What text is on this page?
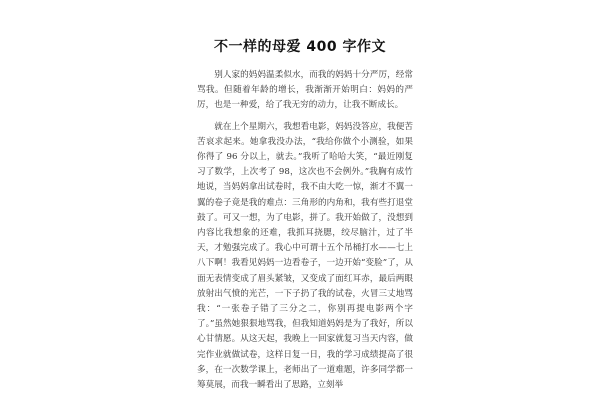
不一样的母爱 400 字作文

别人家的妈妈温柔似水，而我的妈妈十分严厉，经常骂我。但随着年龄的增长，我渐渐开始明白：妈妈的严厉，也是一种爱，给了我无穷的动力，让我不断成长。

就在上个星期六，我想看电影，妈妈没答应，我便苦苦哀求起来。她拿我没办法，“我给你做个小测验，如果你得了 96 分以上，就去。”我听了哈哈大笑，“最近刚复习了数学，上次考了 98，这次也不会例外。”我胸有成竹地说，当妈妈拿出试卷时，我不由大吃一惊，渐才不翼一翼的卷子竟是我的难点：三角形的内角和，我有些打退堂鼓了。可又一想，为了电影，拼了。我开始做了，没想到内容比我想象的还难，我抓耳挠腮，绞尽脑汁，过了半天，才勉强完成了。我心中可谓十五个吊桶打水——七上八下啊！我看见妈妈一边看卷子，一边开始“变脸”了，从面无表情变成了眉头紧皱，又变成了面红耳赤，最后两眼放射出气愤的光芒，一下子扔了我的试卷，火冒三丈地骂我：“一张卷子错了三分之二，你别再提电影两个字了。”虽然她狠狠地骂我，但我知道妈妈是为了我好，所以心甘情愿。从这天起，我晚上一回家就复习当天内容，做完作业就做试卷，这样日复一日，我的学习成绩提高了很多，在一次数学课上，老师出了一道难题，许多同学都一筹莫展，而我一瞬看出了思路，立刻举
